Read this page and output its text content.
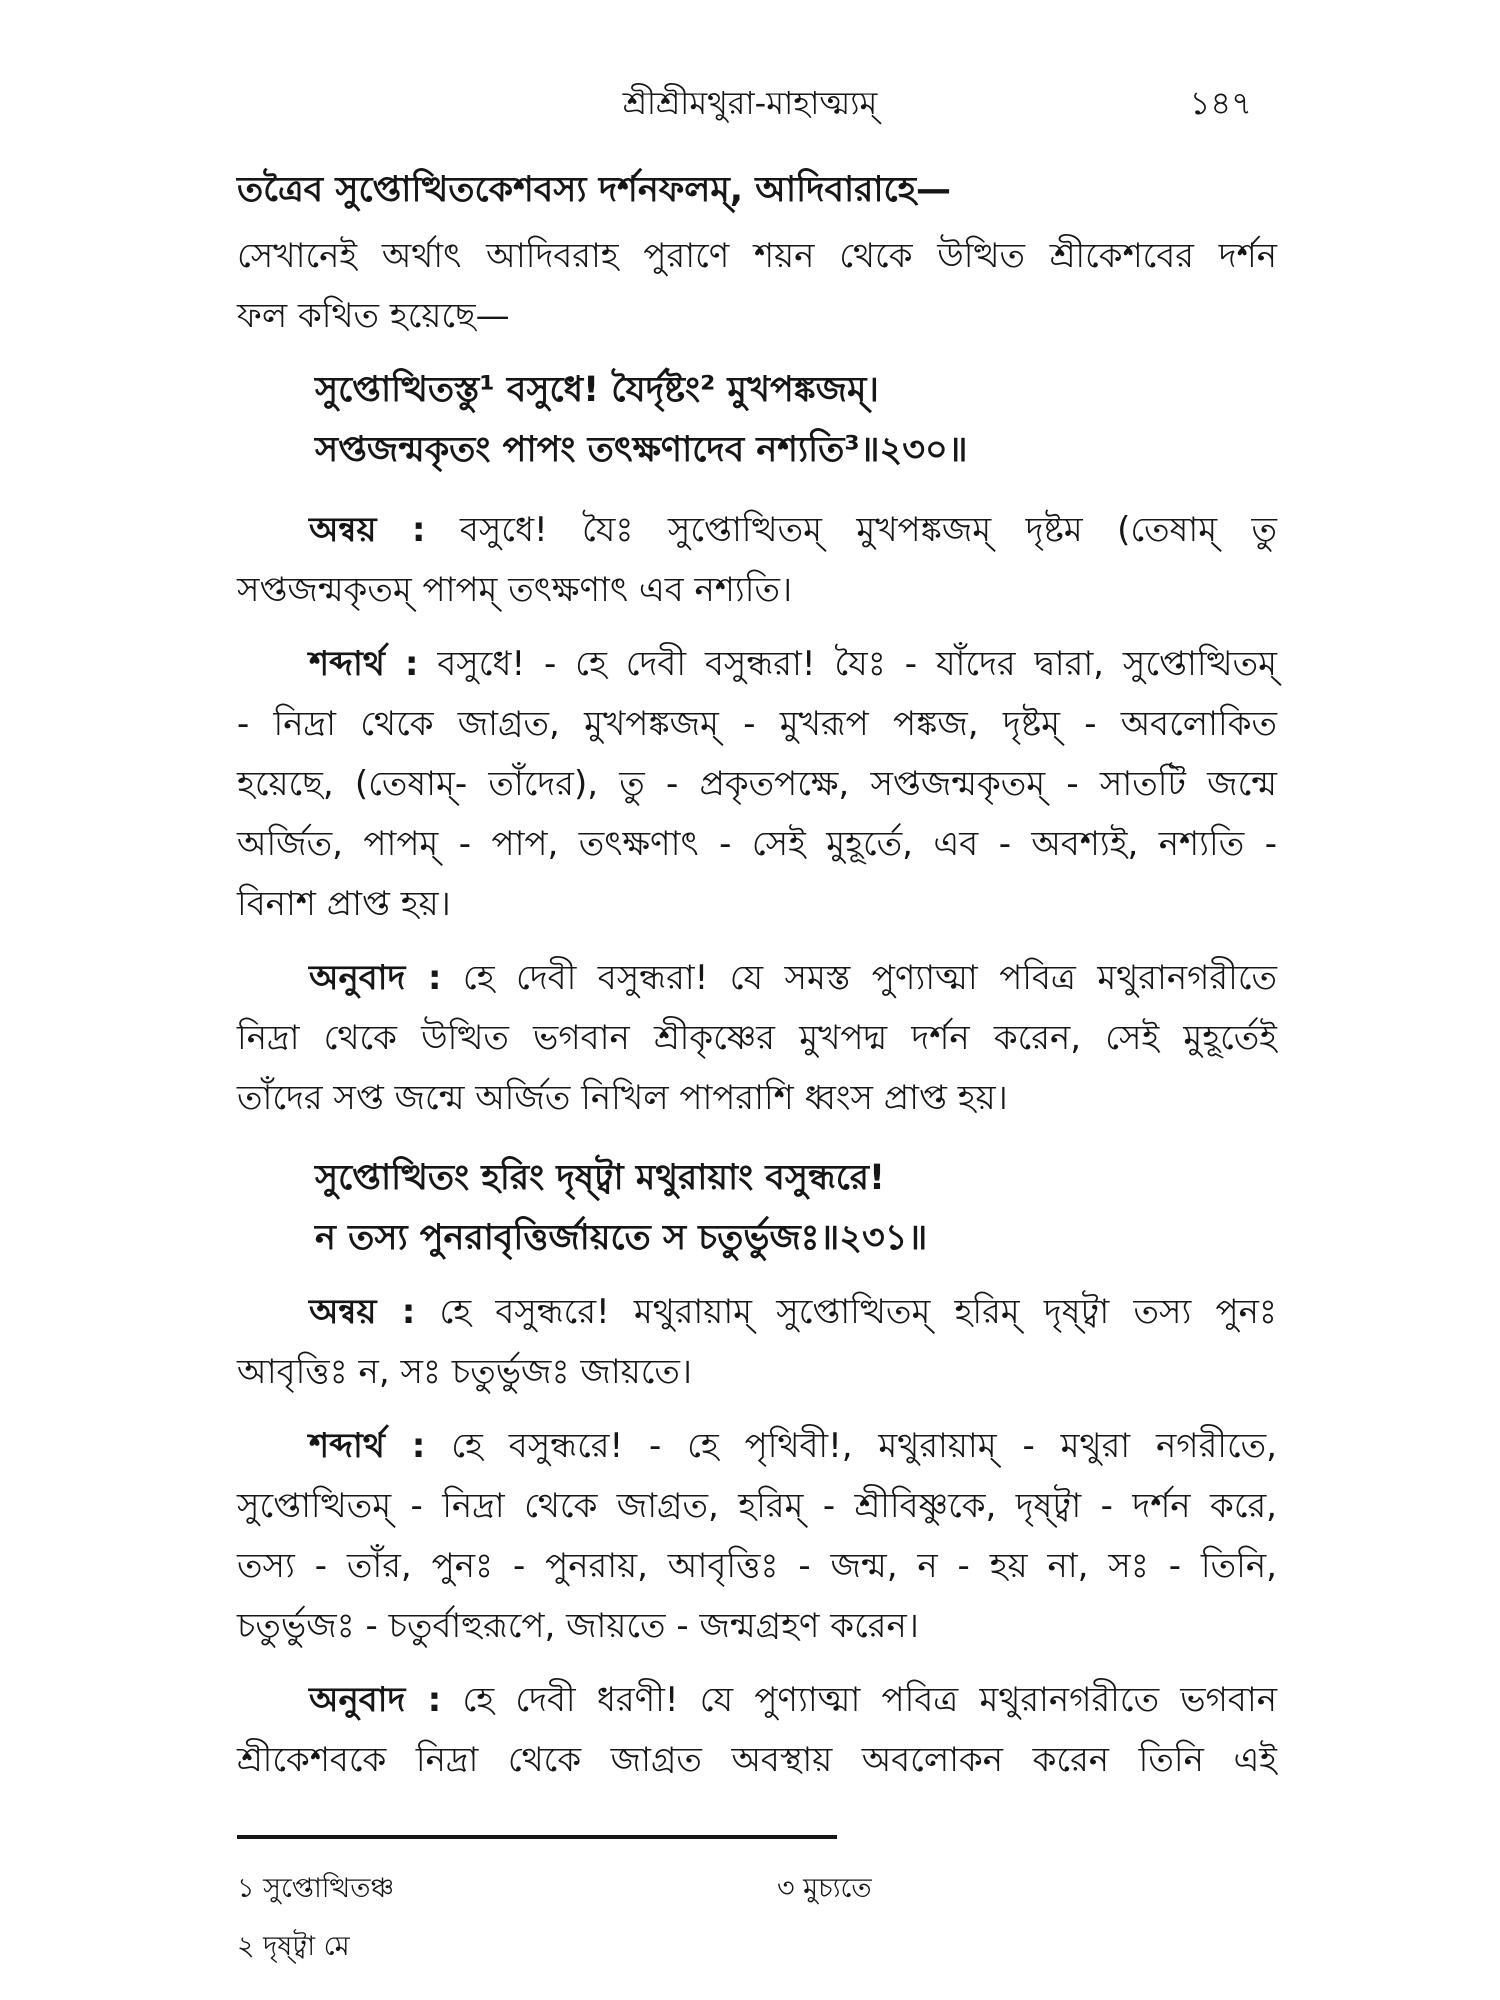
শ্রীশ্রীমথুরা-মাহাত্ম্যম্	১৪৭
তত্রৈব সুপ্তোত্থিতকেশবস্য দর্শনফলম্, আদিবারাহে—
সেখানেই অর্থাৎ আদিবরাহ পুরাণে শয়ন থেকে উত্থিত শ্রীকেশবের দর্শন
ফল কথিত হয়েছে—
সুপ্তোত্থিতস্তু¹ বসুধে! যৈর্দৃষ্টং² মুখপঙ্কজম্।
সপ্তজন্মকৃতং পাপং তৎক্ষণাদেব নশ্যতি³॥২৩০॥
অন্বয় : বসুধে! যৈঃ সুপ্তোত্থিতম্ মুখপঙ্কজম্ দৃষ্টম (তেষাম্ তু
সপ্তজন্মকৃতম্ পাপম্ তৎক্ষণাৎ এব নশ্যতি।
শব্দার্থ : বসুধে! - হে দেবী বসুন্ধরা! যৈঃ - যাঁদের দ্বারা, সুপ্তোত্থিতম্
- নিদ্রা থেকে জাগ্রত, মুখপঙ্কজম্ - মুখরূপ পঙ্কজ, দৃষ্টম্ - অবলোকিত
হয়েছে, (তেষাম্- তাঁদের), তু - প্রকৃতপক্ষে, সপ্তজন্মকৃতম্ - সাতটি জন্মে
অর্জিত, পাপম্ - পাপ, তৎক্ষণাৎ - সেই মুহূর্তে, এব - অবশ্যই, নশ্যতি -
বিনাশ প্রাপ্ত হয়।
অনুবাদ : হে দেবী বসুন্ধরা! যে সমস্ত পুণ্যাত্মা পবিত্র মথুরানগরীতে
নিদ্রা থেকে উত্থিত ভগবান শ্রীকৃষ্ণের মুখপদ্ম দর্শন করেন, সেই মুহূর্তেই
তাঁদের সপ্ত জন্মে অর্জিত নিখিল পাপরাশি ধ্বংস প্রাপ্ত হয়।
সুপ্তোত্থিতং হরিং দৃষ্ট্বা মথুরায়াং বসুন্ধরে!
ন তস্য পুনরাবৃত্তির্জায়তে স চতুর্ভুজঃ॥২৩১॥
অন্বয় : হে বসুন্ধরে! মথুরায়াম্ সুপ্তোত্থিতম্ হরিম্ দৃষ্ট্বা তস্য পুনঃ
আবৃত্তিঃ ন, সঃ চতুর্ভুজঃ জায়তে।
শব্দার্থ : হে বসুন্ধরে! - হে পৃথিবী!, মথুরায়াম্ - মথুরা নগরীতে,
সুপ্তোত্থিতম্ - নিদ্রা থেকে জাগ্রত, হরিম্ - শ্রীবিষ্ণুকে, দৃষ্ট্বা - দর্শন করে,
তস্য - তাঁর, পুনঃ - পুনরায়, আবৃত্তিঃ - জন্ম, ন - হয় না, সঃ - তিনি,
চতুর্ভুজঃ - চতুর্বাহুরূপে, জায়তে - জন্মগ্রহণ করেন।
অনুবাদ : হে দেবী ধরণী! যে পুণ্যাত্মা পবিত্র মথুরানগরীতে ভগবান
শ্রীকেশবকে নিদ্রা থেকে জাগ্রত অবস্থায় অবলোকন করেন তিনি এই
১ সুপ্তোত্থিতঞ্চ	৩ মুচ্যতে
২ দৃষ্ট্বা মে
